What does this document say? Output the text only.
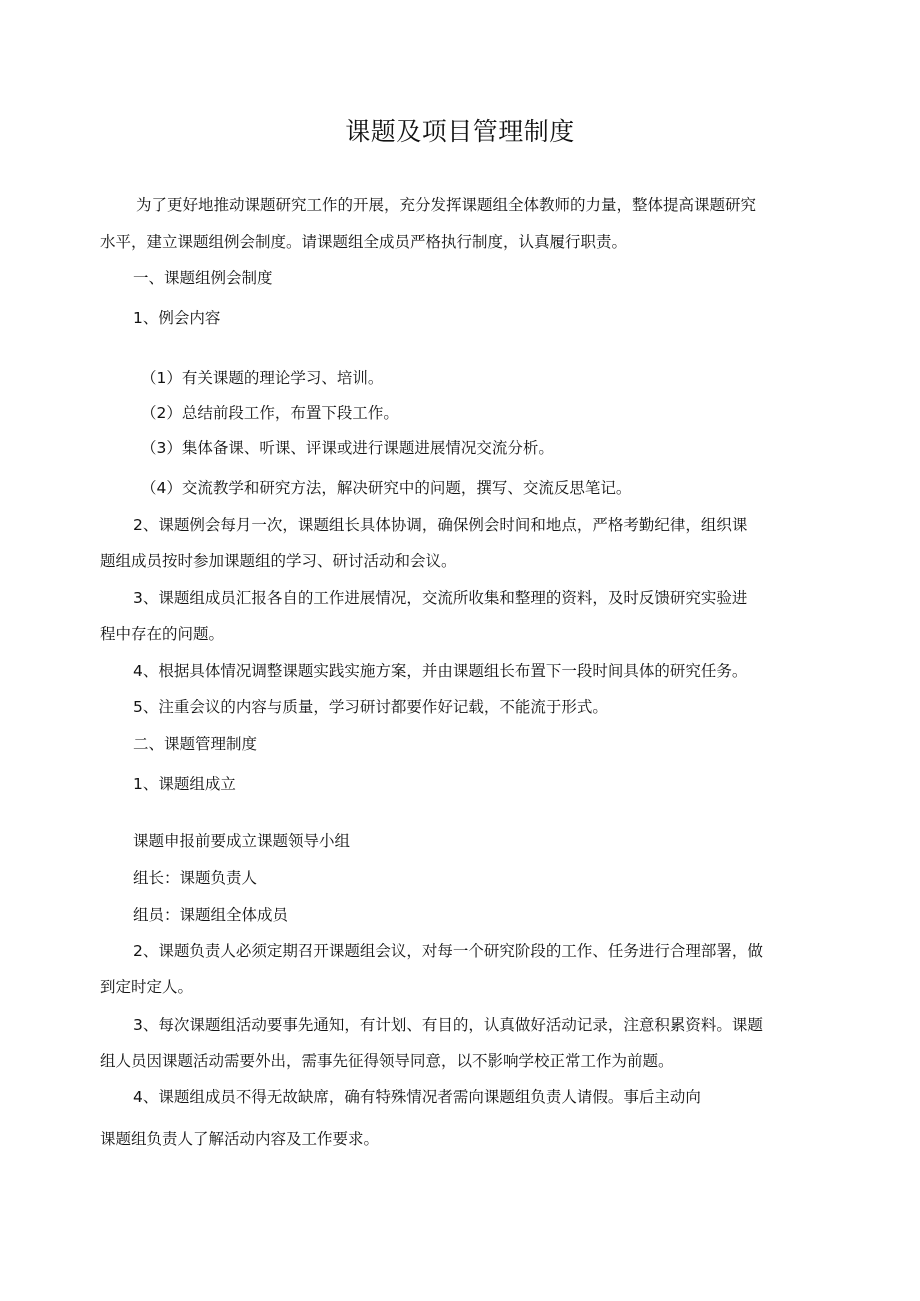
课题及项目管理制度
为了更好地推动课题研究工作的开展，充分发挥课题组全体教师的力量，整体提高课题研究
水平，建立课题组例会制度。请课题组全成员严格执行制度，认真履行职责。
一、课题组例会制度
1、例会内容
（1）有关课题的理论学习、培训。
（2）总结前段工作，布置下段工作。
（3）集体备课、听课、评课或进行课题进展情况交流分析。
（4）交流教学和研究方法，解决研究中的问题，撰写、交流反思笔记。
2、课题例会每月一次，课题组长具体协调，确保例会时间和地点，严格考勤纪律，组织课
题组成员按时参加课题组的学习、研讨活动和会议。
3、课题组成员汇报各自的工作进展情况，交流所收集和整理的资料，及时反馈研究实验进
程中存在的问题。
4、根据具体情况调整课题实践实施方案，并由课题组长布置下一段时间具体的研究任务。
5、注重会议的内容与质量，学习研讨都要作好记载，不能流于形式。
二、课题管理制度
1、课题组成立
课题申报前要成立课题领导小组
组长：课题负责人
组员：课题组全体成员
2、课题负责人必须定期召开课题组会议，对每一个研究阶段的工作、任务进行合理部署，做
到定时定人。
3、每次课题组活动要事先通知，有计划、有目的，认真做好活动记录，注意积累资料。课题
组人员因课题活动需要外出，需事先征得领导同意，以不影响学校正常工作为前题。
4、课题组成员不得无故缺席，确有特殊情况者需向课题组负责人请假。事后主动向
课题组负责人了解活动内容及工作要求。
